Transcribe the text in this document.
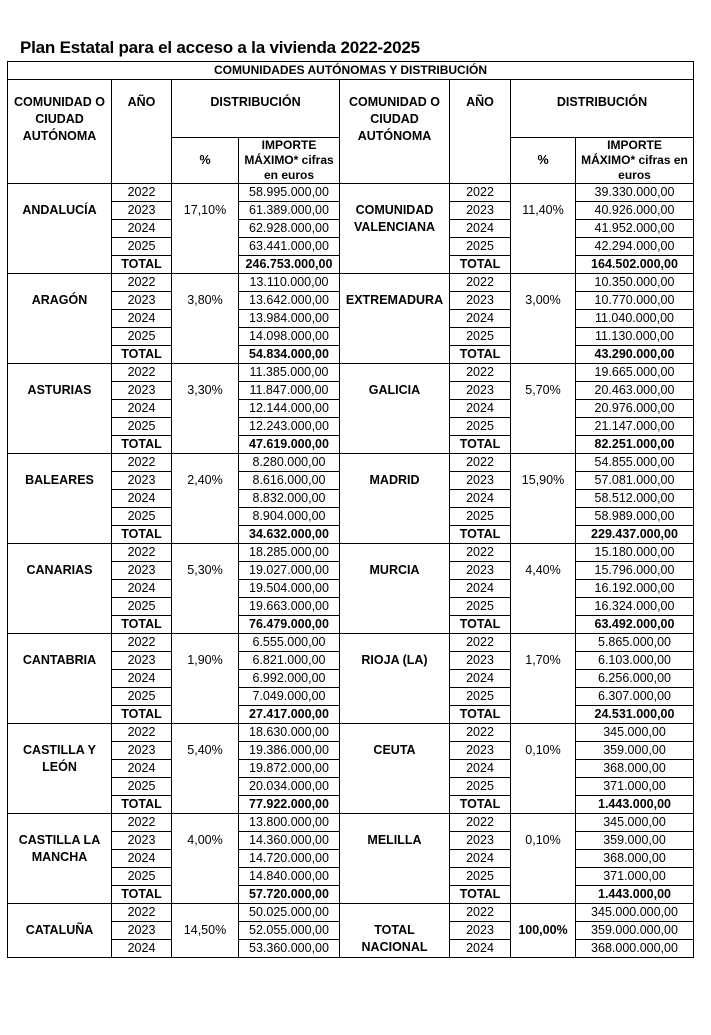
Plan Estatal para el acceso a la vivienda 2022-2025
COMUNIDADES AUTÓNOMAS Y DISTRIBUCIÓN							
COMUNIDAD O CIUDAD AUTÓNOMA	AÑO	DISTRIBUCIÓN		COMUNIDAD O CIUDAD AUTÓNOMA	AÑO	DISTRIBUCIÓN	
		%	IMPORTE MÁXIMO* cifras en euros			%	IMPORTE MÁXIMO* cifras en euros
ANDALUCÍA	2022	17,10%	58.995.000,00	COMUNIDAD VALENCIANA	2022	11,40%	39.330.000,00
	2023		61.389.000,00		2023		40.926.000,00
	2024		62.928.000,00		2024		41.952.000,00
	2025		63.441.000,00		2025		42.294.000,00
	TOTAL		246.753.000,00		TOTAL		164.502.000,00
ARAGÓN	2022	3,80%	13.110.000,00	EXTREMADURA	2022	3,00%	10.350.000,00
	2023		13.642.000,00		2023		10.770.000,00
	2024		13.984.000,00		2024		11.040.000,00
	2025		14.098.000,00		2025		11.130.000,00
	TOTAL		54.834.000,00		TOTAL		43.290.000,00
ASTURIAS	2022	3,30%	11.385.000,00	GALICIA	2022	5,70%	19.665.000,00
	2023		11.847.000,00		2023		20.463.000,00
	2024		12.144.000,00		2024		20.976.000,00
	2025		12.243.000,00		2025		21.147.000,00
	TOTAL		47.619.000,00		TOTAL		82.251.000,00
BALEARES	2022	2,40%	8.280.000,00	MADRID	2022	15,90%	54.855.000,00
	2023		8.616.000,00		2023		57.081.000,00
	2024		8.832.000,00		2024		58.512.000,00
	2025		8.904.000,00		2025		58.989.000,00
	TOTAL		34.632.000,00		TOTAL		229.437.000,00
CANARIAS	2022	5,30%	18.285.000,00	MURCIA	2022	4,40%	15.180.000,00
	2023		19.027.000,00		2023		15.796.000,00
	2024		19.504.000,00		2024		16.192.000,00
	2025		19.663.000,00		2025		16.324.000,00
	TOTAL		76.479.000,00		TOTAL		63.492.000,00
CANTABRIA	2022	1,90%	6.555.000,00	RIOJA (LA)	2022	1,70%	5.865.000,00
	2023		6.821.000,00		2023		6.103.000,00
	2024		6.992.000,00		2024		6.256.000,00
	2025		7.049.000,00		2025		6.307.000,00
	TOTAL		27.417.000,00		TOTAL		24.531.000,00
CASTILLA Y LEÓN	2022	5,40%	18.630.000,00	CEUTA	2022	0,10%	345.000,00
	2023		19.386.000,00		2023		359.000,00
	2024		19.872.000,00		2024		368.000,00
	2025		20.034.000,00		2025		371.000,00
	TOTAL		77.922.000,00		TOTAL		1.443.000,00
CASTILLA LA MANCHA	2022	4,00%	13.800.000,00	MELILLA	2022	0,10%	345.000,00
	2023		14.360.000,00		2023		359.000,00
	2024		14.720.000,00		2024		368.000,00
	2025		14.840.000,00		2025		371.000,00
	TOTAL		57.720.000,00		TOTAL		1.443.000,00
CATALUÑA	2022	14,50%	50.025.000,00	TOTAL NACIONAL	2022	100,00%	345.000.000,00
	2023		52.055.000,00		2023		359.000.000,00
	2024		53.360.000,00		2024		368.000.000,00
